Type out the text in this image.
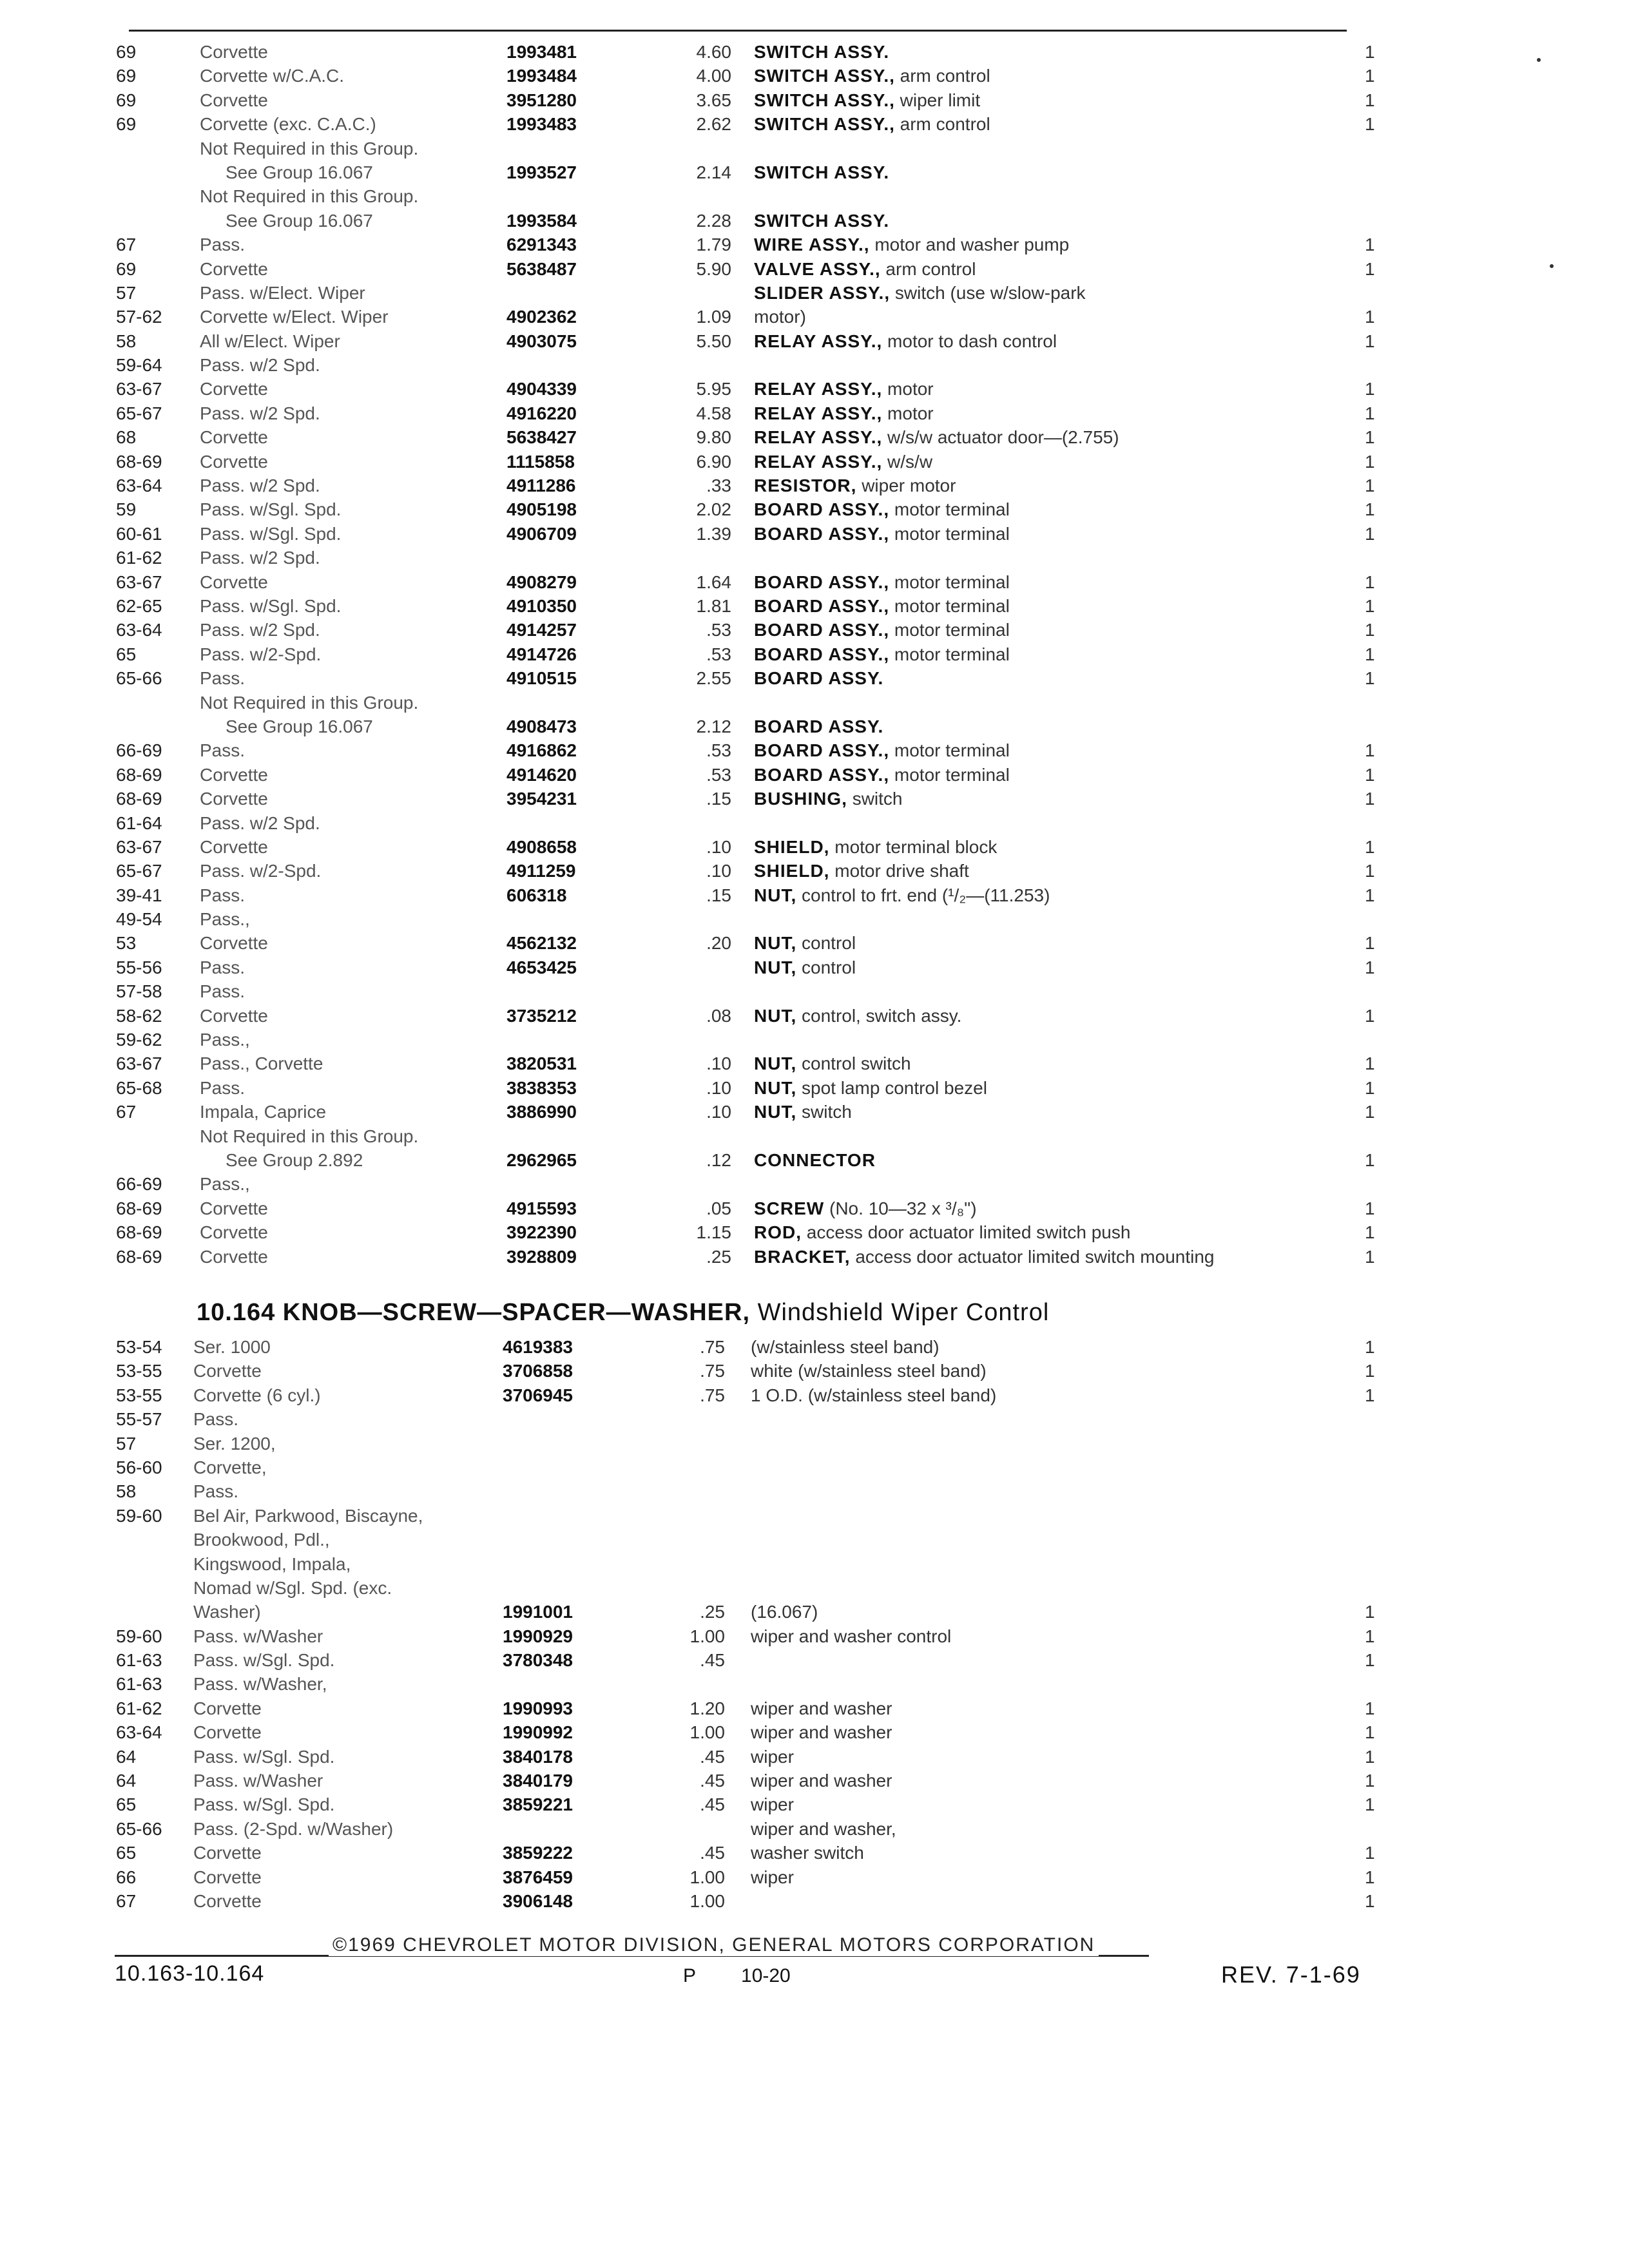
69	Corvette	1993481	4.60 SWITCH ASSY.	1
69	Corvette w/C.A.C.	1993484	4.00 SWITCH ASSY., arm control	1
69	Corvette	3951280	3.65 SWITCH ASSY., wiper limit	1
69	Corvette (exc. C.A.C.)	1993483	2.62 SWITCH ASSY., arm control	1
Not Required in this Group.
See Group 16.067	1993527	2.14 SWITCH ASSY.
Not Required in this Group.
See Group 16.067	1993584	2.28 SWITCH ASSY.
67	Pass.	6291343	1.79 WIRE ASSY., motor and washer pump	1
69	Corvette	5638487	5.90 VALVE ASSY., arm control	1
57	Pass. w/Elect. Wiper	SLIDER ASSY., switch (use w/slow-park
57-62 Corvette w/Elect. Wiper	4902362	1.09 motor)	1
58	All w/Elect. Wiper	4903075	5.50 RELAY ASSY., motor to dash control	1
59-64 Pass. w/2 Spd.
63-67 Corvette	4904339	5.95 RELAY ASSY., motor	1
65-67 Pass. w/2 Spd.	4916220	4.58 RELAY ASSY., motor	1
68	Corvette	5638427	9.80 RELAY ASSY., w/s/w actuator door—(2.755)	1
68-69 Corvette	1115858	6.90 RELAY ASSY., w/s/w	1
63-64 Pass. w/2 Spd.	4911286	.33 RESISTOR, wiper motor	1
59	Pass. w/Sgl. Spd.	4905198	2.02 BOARD ASSY., motor terminal	1
60-61 Pass. w/Sgl. Spd.	4906709	1.39 BOARD ASSY., motor terminal	1
61-62 Pass. w/2 Spd.
63-67 Corvette	4908279	1.64 BOARD ASSY., motor terminal	1
62-65 Pass. w/Sgl. Spd.	4910350	1.81 BOARD ASSY., motor terminal	1
63-64 Pass. w/2 Spd.	4914257	.53 BOARD ASSY., motor terminal	1
65	Pass. w/2-Spd.	4914726	.53 BOARD ASSY., motor terminal	1
65-66 Pass.	4910515	2.55 BOARD ASSY.	1
Not Required in this Group.
See Group 16.067	4908473	2.12 BOARD ASSY.
66-69 Pass.	4916862	.53 BOARD ASSY., motor terminal	1
68-69 Corvette	4914620	.53 BOARD ASSY., motor terminal	1
68-69 Corvette	3954231	.15 BUSHING, switch	1
61-64 Pass. w/2 Spd.
63-67 Corvette	4908658	.10 SHIELD, motor terminal block	1
65-67 Pass. w/2-Spd.	4911259	.10 SHIELD, motor drive shaft	1
39-41 Pass.	606318	.15 NUT, control to frt. end (¹/₂—(11.253)	1
49-54 Pass.,
53	Corvette	4562132	.20 NUT, control	1
55-56 Pass.	4653425	NUT, control	1
57-58 Pass.
58-62 Corvette	3735212	.08 NUT, control, switch assy.	1
59-62 Pass.,
63-67 Pass., Corvette	3820531	.10 NUT, control switch	1
65-68 Pass.	3838353	.10 NUT, spot lamp control bezel	1
67	Impala, Caprice	3886990	.10 NUT, switch	1
Not Required in this Group.
See Group 2.892	2962965	.12 CONNECTOR	1
66-69 Pass.,
68-69 Corvette	4915593	.05 SCREW (No. 10—32 x ³/₈")	1
68-69 Corvette	3922390	1.15 ROD, access door actuator limited switch push	1
68-69 Corvette	3928809	.25 BRACKET, access door actuator limited switch mounting	1
10.164 KNOB—SCREW—SPACER—WASHER, Windshield Wiper Control
53-54 Ser. 1000	4619383	.75 (w/stainless steel band)	1
53-55 Corvette	3706858	.75 white (w/stainless steel band)	1
53-55 Corvette (6 cyl.)	3706945	.75 1 O.D. (w/stainless steel band)	1
55-57 Pass.
57	Ser. 1200,
56-60 Corvette,
58	Pass.
59-60 Bel Air, Parkwood, Biscayne,
Brookwood, Pdl.,
Kingswood, Impala,
Nomad w/Sgl. Spd. (exc.
Washer)	1991001	.25 (16.067)	1
59-60 Pass. w/Washer	1990929	1.00 wiper and washer control	1
61-63 Pass. w/Sgl. Spd.	3780348	.45	1
61-63 Pass. w/Washer,
61-62 Corvette	1990993	1.20 wiper and washer	1
63-64 Corvette	1990992	1.00 wiper and washer	1
64	Pass. w/Sgl. Spd.	3840178	.45 wiper	1
64	Pass. w/Washer	3840179	.45 wiper and washer	1
65	Pass. w/Sgl. Spd.	3859221	.45 wiper	1
65-66 Pass. (2-Spd. w/Washer)	wiper and washer,
65	Corvette	3859222	.45 washer switch	1
66	Corvette	3876459	1.00 wiper	1
67	Corvette	3906148	1.00	1
©1969 CHEVROLET MOTOR DIVISION, GENERAL MOTORS CORPORATION
10.163-10.164	P 10-20	REV. 7-1-69
